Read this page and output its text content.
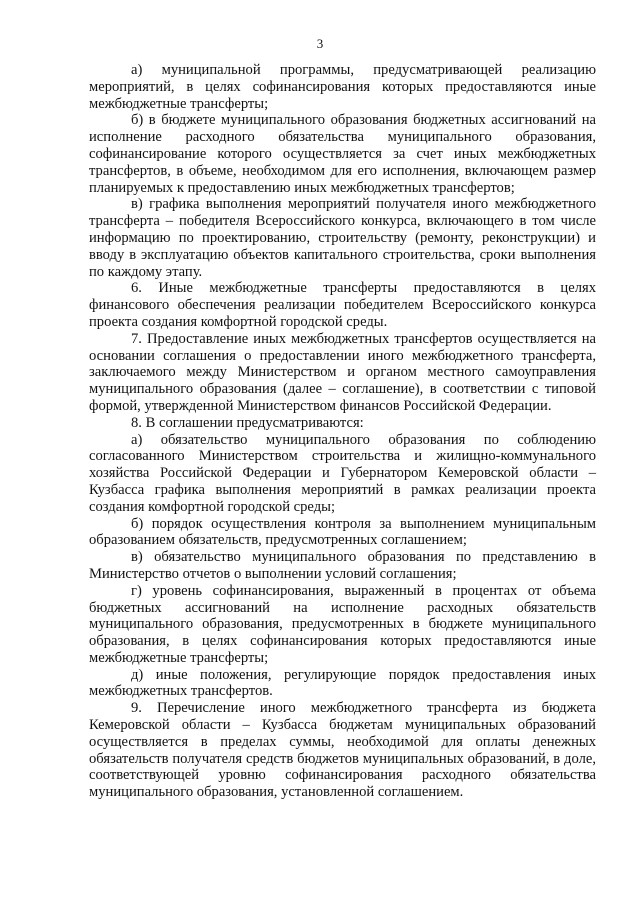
3

а) муниципальной программы, предусматривающей реализацию мероприятий, в целях софинансирования которых предоставляются иные межбюджетные трансферты;

б) в бюджете муниципального образования бюджетных ассигнований на исполнение расходного обязательства муниципального образования, софинансирование которого осуществляется за счет иных межбюджетных трансфертов, в объеме, необходимом для его исполнения, включающем размер планируемых к предоставлению иных межбюджетных трансфертов;

в) графика выполнения мероприятий получателя иного межбюджетного трансферта – победителя Всероссийского конкурса, включающего в том числе информацию по проектированию, строительству (ремонту, реконструкции) и вводу в эксплуатацию объектов капитального строительства, сроки выполнения по каждому этапу.

6. Иные межбюджетные трансферты предоставляются в целях финансового обеспечения реализации победителем Всероссийского конкурса проекта создания комфортной городской среды.

7. Предоставление иных межбюджетных трансфертов осуществляется на основании соглашения о предоставлении иного межбюджетного трансферта, заключаемого между Министерством и органом местного самоуправления муниципального образования (далее – соглашение), в соответствии с типовой формой, утвержденной Министерством финансов Российской Федерации.

8. В соглашении предусматриваются:

а) обязательство муниципального образования по соблюдению согласованного Министерством строительства и жилищно-коммунального хозяйства Российской Федерации и Губернатором Кемеровской области – Кузбасса графика выполнения мероприятий в рамках реализации проекта создания комфортной городской среды;

б) порядок осуществления контроля за выполнением муниципальным образованием обязательств, предусмотренных соглашением;

в) обязательство муниципального образования по представлению в Министерство отчетов о выполнении условий соглашения;

г) уровень софинансирования, выраженный в процентах от объема бюджетных ассигнований на исполнение расходных обязательств муниципального образования, предусмотренных в бюджете муниципального образования, в целях софинансирования которых предоставляются иные межбюджетные трансферты;

д) иные положения, регулирующие порядок предоставления иных межбюджетных трансфертов.

9. Перечисление иного межбюджетного трансферта из бюджета Кемеровской области – Кузбасса бюджетам муниципальных образований осуществляется в пределах суммы, необходимой для оплаты денежных обязательств получателя средств бюджетов муниципальных образований, в доле, соответствующей уровню софинансирования расходного обязательства муниципального образования, установленной соглашением.
